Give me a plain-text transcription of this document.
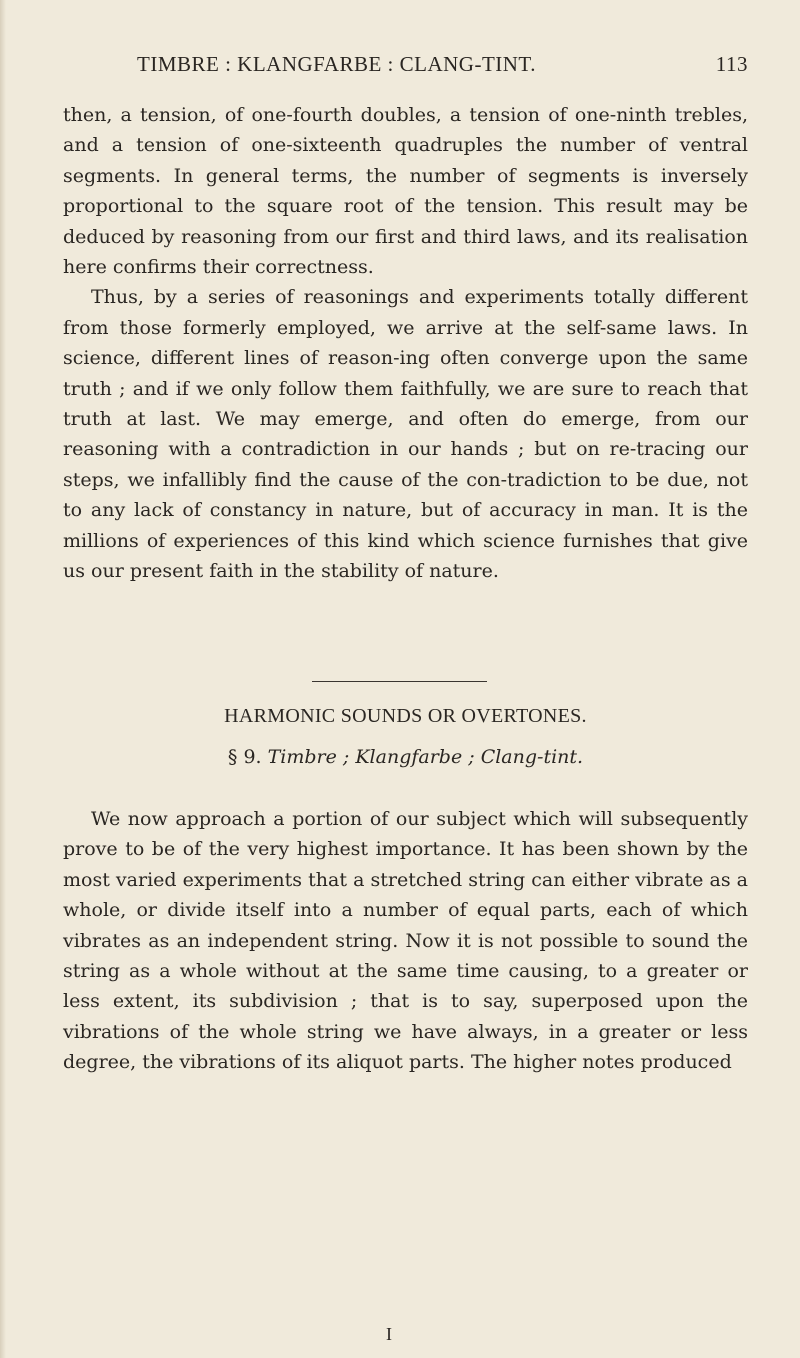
TIMBRE : KLANGFARBE : CLANG-TINT.	113

then, a tension, of one-fourth doubles, a tension of one-ninth trebles, and a tension of one-sixteenth quadruples the number of ventral segments. In general terms, the number of segments is inversely proportional to the square root of the tension. This result may be deduced by reasoning from our first and third laws, and its realisation here confirms their correctness.

Thus, by a series of reasonings and experiments totally different from those formerly employed, we arrive at the self-same laws. In science, different lines of reason-ing often converge upon the same truth ; and if we only follow them faithfully, we are sure to reach that truth at last. We may emerge, and often do emerge, from our reasoning with a contradiction in our hands ; but on re-tracing our steps, we infallibly find the cause of the con-tradiction to be due, not to any lack of constancy in nature, but of accuracy in man. It is the millions of experiences of this kind which science furnishes that give us our present faith in the stability of nature.

HARMONIC SOUNDS OR OVERTONES.
§ 9. Timbre ; Klangfarbe ; Clang-tint.

We now approach a portion of our subject which will subsequently prove to be of the very highest importance. It has been shown by the most varied experiments that a stretched string can either vibrate as a whole, or divide itself into a number of equal parts, each of which vibrates as an independent string. Now it is not possible to sound the string as a whole without at the same time causing, to a greater or less extent, its subdivision ; that is to say, superposed upon the vibrations of the whole string we have always, in a greater or less degree, the vibrations of its aliquot parts. The higher notes produced

I
